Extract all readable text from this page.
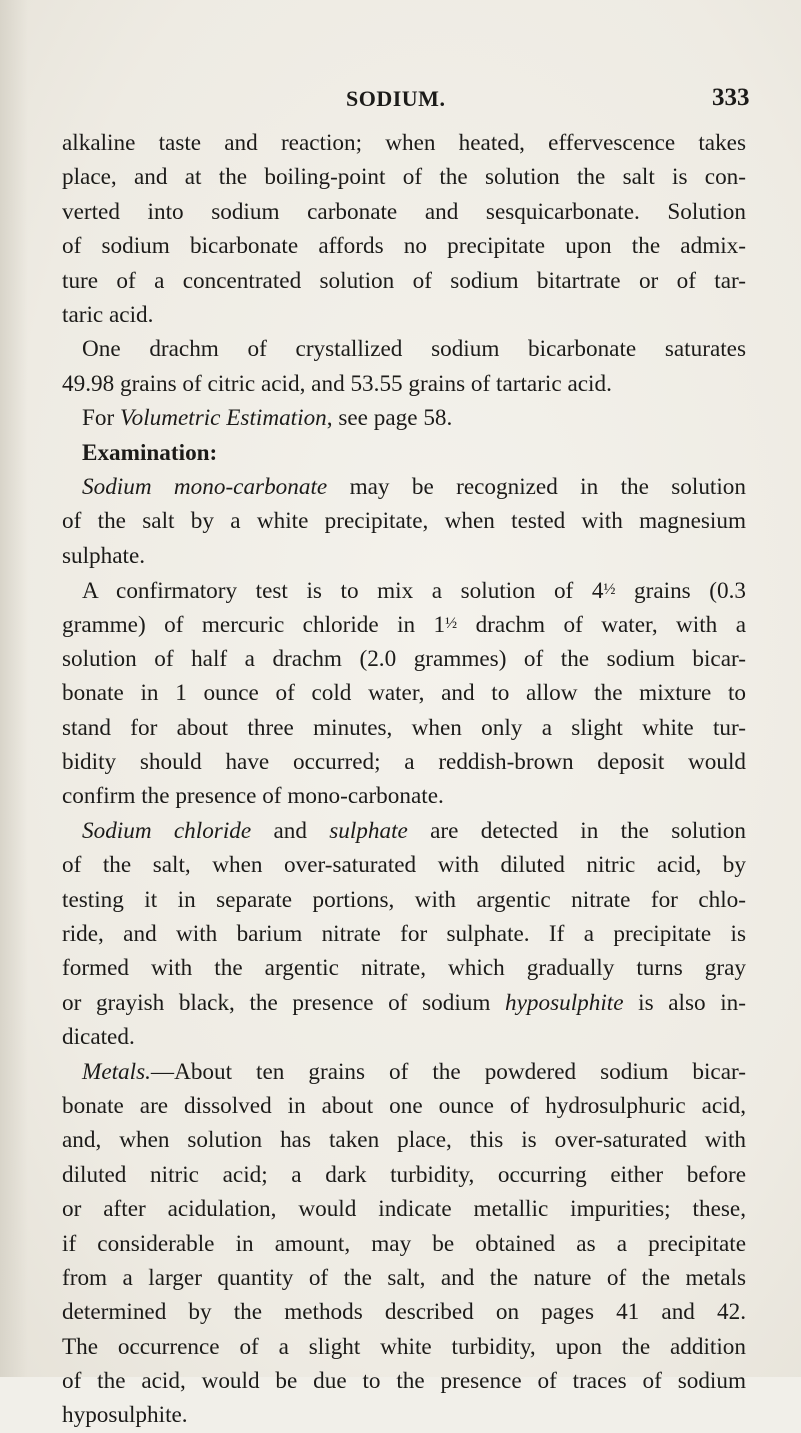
SODIUM.	333
alkaline taste and reaction; when heated, effervescence takes
place, and at the boiling-point of the solution the salt is con-
verted into sodium carbonate and sesquicarbonate. Solution
of sodium bicarbonate affords no precipitate upon the admix-
ture of a concentrated solution of sodium bitartrate or of tar-
taric acid.
One drachm of crystallized sodium bicarbonate saturates
49.98 grains of citric acid, and 53.55 grains of tartaric acid.
For Volumetric Estimation, see page 58.
Examination:
Sodium mono-carbonate may be recognized in the solution
of the salt by a white precipitate, when tested with magnesium
sulphate.
A confirmatory test is to mix a solution of 4½ grains (0.3
gramme) of mercuric chloride in 1½ drachm of water, with a
solution of half a drachm (2.0 grammes) of the sodium bicar-
bonate in 1 ounce of cold water, and to allow the mixture to
stand for about three minutes, when only a slight white tur-
bidity should have occurred; a reddish-brown deposit would
confirm the presence of mono-carbonate.
Sodium chloride and sulphate are detected in the solution
of the salt, when over-saturated with diluted nitric acid, by
testing it in separate portions, with argentic nitrate for chlo-
ride, and with barium nitrate for sulphate. If a precipitate is
formed with the argentic nitrate, which gradually turns gray
or grayish black, the presence of sodium hyposulphite is also in-
dicated.
Metals.—About ten grains of the powdered sodium bicar-
bonate are dissolved in about one ounce of hydrosulphuric acid,
and, when solution has taken place, this is over-saturated with
diluted nitric acid; a dark turbidity, occurring either before
or after acidulation, would indicate metallic impurities; these,
if considerable in amount, may be obtained as a precipitate
from a larger quantity of the salt, and the nature of the metals
determined by the methods described on pages 41 and 42.
The occurrence of a slight white turbidity, upon the addition
of the acid, would be due to the presence of traces of sodium
hyposulphite.
